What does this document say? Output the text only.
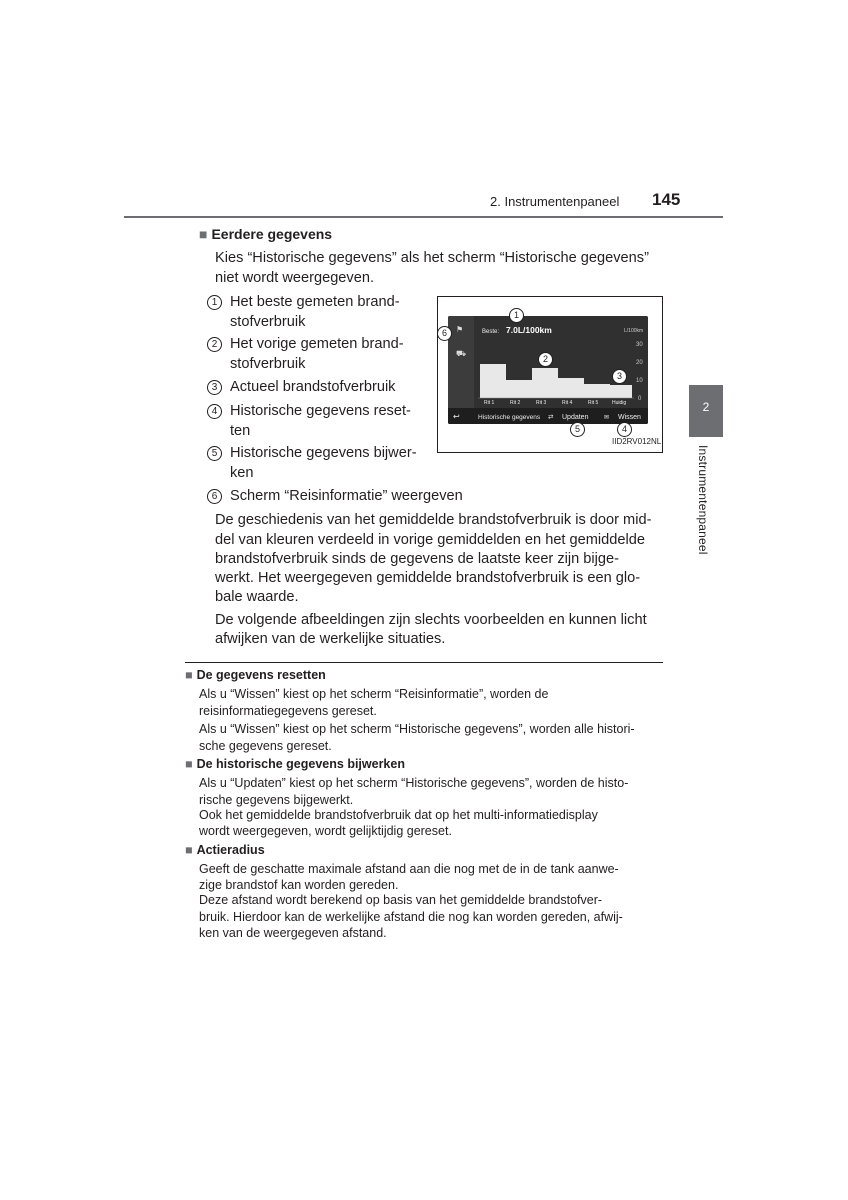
2. Instrumentenpaneel 145
2
Instrumentenpaneel
■ Eerdere gegevens
Kies “Historische gegevens” als het scherm “Historische gegevens”
niet wordt weergegeven.
1 Het beste gemeten brand-
stofverbruik
2 Het vorige gemeten brand-
stofverbruik
3 Actueel brandstofverbruik
4 Historische gegevens reset-
ten
5 Historische gegevens bijwer-
ken
6 Scherm “Reisinformatie” weergeven
⚑
⛟
Beste: 7.0L/100km	L/100km
30
20
10
0
Rit 1	Rit 2	Rit 3	Rit 4	Rit 5	Huidig
↩	Historische gegevens ⇄ Updaten	✉ Wissen
IID2RV012NL
1
2
3
4
5
6
De geschiedenis van het gemiddelde brandstofverbruik is door mid-
del van kleuren verdeeld in vorige gemiddelden en het gemiddelde
brandstofverbruik sinds de gegevens de laatste keer zijn bijge-
werkt. Het weergegeven gemiddelde brandstofverbruik is een glo-
bale waarde.
De volgende afbeeldingen zijn slechts voorbeelden en kunnen licht
afwijken van de werkelijke situaties.
■ De gegevens resetten
Als u “Wissen” kiest op het scherm “Reisinformatie”, worden de
reisinformatiegegevens gereset.
Als u “Wissen” kiest op het scherm “Historische gegevens”, worden alle histori-
sche gegevens gereset.
■ De historische gegevens bijwerken
Als u “Updaten” kiest op het scherm “Historische gegevens”, worden de histo-
rische gegevens bijgewerkt.
Ook het gemiddelde brandstofverbruik dat op het multi-informatiedisplay
wordt weergegeven, wordt gelijktijdig gereset.
■ Actieradius
Geeft de geschatte maximale afstand aan die nog met de in de tank aanwe-
zige brandstof kan worden gereden.
Deze afstand wordt berekend op basis van het gemiddelde brandstofver-
bruik. Hierdoor kan de werkelijke afstand die nog kan worden gereden, afwij-
ken van de weergegeven afstand.
